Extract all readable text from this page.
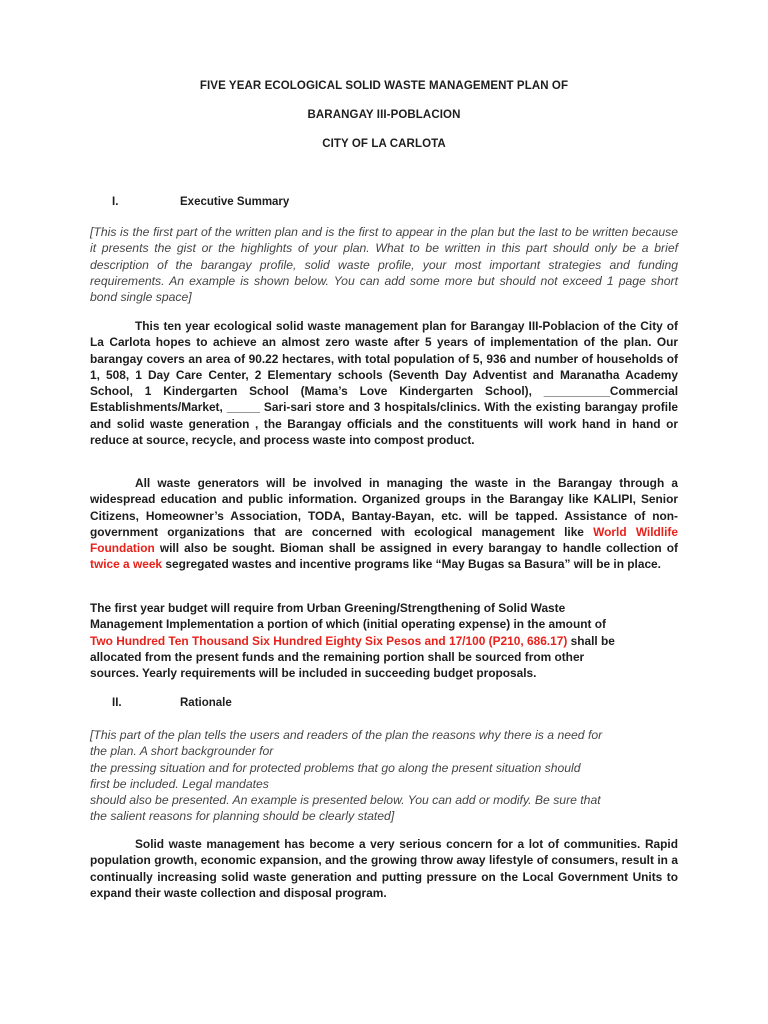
FIVE YEAR ECOLOGICAL SOLID WASTE MANAGEMENT PLAN OF
BARANGAY III-POBLACION
CITY OF LA CARLOTA
I.	Executive Summary
[This is the first part of the written plan and is the first to appear in the plan but the last to be written because it presents the gist or the highlights of your plan. What to be written in this part should only be a brief description of the barangay profile, solid waste profile, your most important strategies and funding requirements. An example is shown below. You can add some more but should not exceed 1 page short bond single space]
This ten year ecological solid waste management plan for Barangay III-Poblacion of the City of La Carlota hopes to achieve an almost zero waste after 5 years of implementation of the plan. Our barangay covers an area of 90.22 hectares, with total population of 5, 936 and number of households of 1, 508, 1 Day Care Center, 2 Elementary schools (Seventh Day Adventist and Maranatha Academy School, 1 Kindergarten School (Mama’s Love Kindergarten School), __________Commercial Establishments/Market, _____ Sari-sari store and 3 hospitals/clinics. With the existing barangay profile and solid waste generation , the Barangay officials and the constituents will work hand in hand or reduce at source, recycle, and process waste into compost product.
All waste generators will be involved in managing the waste in the Barangay through a widespread education and public information. Organized groups in the Barangay like KALIPI, Senior Citizens, Homeowner’s Association, TODA, Bantay-Bayan, etc. will be tapped. Assistance of non-government organizations that are concerned with ecological management like World Wildlife Foundation will also be sought. Bioman shall be assigned in every barangay to handle collection of twice a week segregated wastes and incentive programs like “May Bugas sa Basura” will be in place.
The first year budget will require from Urban Greening/Strengthening of Solid Waste
Management Implementation a portion of which (initial operating expense) in the amount of
Two Hundred Ten Thousand Six Hundred Eighty Six Pesos and 17/100 (P210, 686.17) shall be
allocated from the present funds and the remaining portion shall be sourced from other
sources. Yearly requirements will be included in succeeding budget proposals.
II.	Rationale
[This part of the plan tells the users and readers of the plan the reasons why there is a need for
the plan. A short backgrounder for
the pressing situation and for protected problems that go along the present situation should
first be included. Legal mandates
should also be presented. An example is presented below. You can add or modify. Be sure that
the salient reasons for planning should be clearly stated]
Solid waste management has become a very serious concern for a lot of communities. Rapid population growth, economic expansion, and the growing throw away lifestyle of consumers, result in a continually increasing solid waste generation and putting pressure on the Local Government Units to expand their waste collection and disposal program.
